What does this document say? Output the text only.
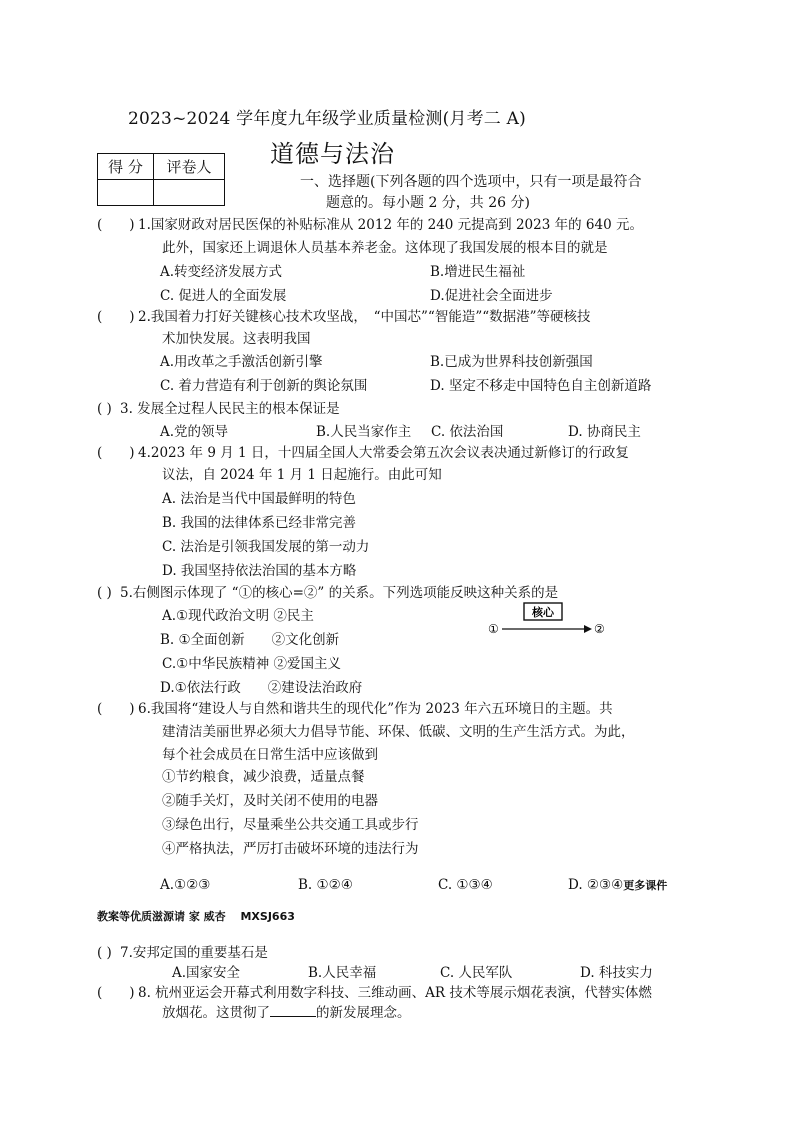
2023~2024 学年度九年级学业质量检测(月考二 A)
道德与法治
得 分	评卷人

一、选择题(下列各题的四个选项中，只有一项是最符合
题意的。每小题 2 分，共 26 分)
(　　) 1.国家财政对居民医保的补贴标准从 2012 年的 240 元提高到 2023 年的 640 元。
此外，国家还上调退休人员基本养老金。这体现了我国发展的根本目的就是
A.转变经济发展方式	B.增进民生福祉
C. 促进人的全面发展	D.促进社会全面进步
(　　) 2.我国着力打好关键核心技术攻坚战，　“中国芯”“智能造”“数据港”等硬核技
术加快发展。这表明我国
A.用改革之手激活创新引擎	B.已成为世界科技创新强国
C. 着力营造有利于创新的舆论氛围	D. 坚定不移走中国特色自主创新道路
( ) 3. 发展全过程人民民主的根本保证是
A.党的领导	B.人民当家作主 C. 依法治国	D. 协商民主
(　　) 4.2023 年 9 月 1 日，十四届全国人大常委会第五次会议表决通过新修订的行政复
议法，自 2024 年 1 月 1 日起施行。由此可知
A. 法治是当代中国最鲜明的特色
B. 我国的法律体系已经非常完善
C. 法治是引领我国发展的第一动力
D. 我国坚持依法治国的基本方略
( ) 5.右侧图示体现了 “①的核心=②” 的关系。下列选项能反映这种关系的是
A.①现代政治文明 ②民主
B. ①全面创新　　②文化创新
C.①中华民族精神 ②爱国主义
D.①依法行政　　②建设法治政府
核心
①	②
(　　) 6.我国将“建设人与自然和谐共生的现代化”作为 2023 年六五环境日的主题。共
建清洁美丽世界必须大力倡导节能、环保、低碳、文明的生产生活方式。为此，
每个社会成员在日常生活中应该做到
①节约粮食，减少浪费，适量点餐
②随手关灯，及时关闭不使用的电器
③绿色出行，尽量乘坐公共交通工具或步行
④严格执法，严厉打击破坏环境的违法行为
A.①②③	B. ①②④	C. ①③④	D. ②③④更多课件
教案等优质滋源请 家 威杏　 MXSJ663
( ) 7.安邦定国的重要基石是
A.国家安全	B.人民幸福	C. 人民军队	D. 科技实力
(　　) 8. 杭州亚运会开幕式利用数字科技、三维动画、AR 技术等展示烟花表演，代替实体燃
放烟花。这贯彻了	的新发展理念。
